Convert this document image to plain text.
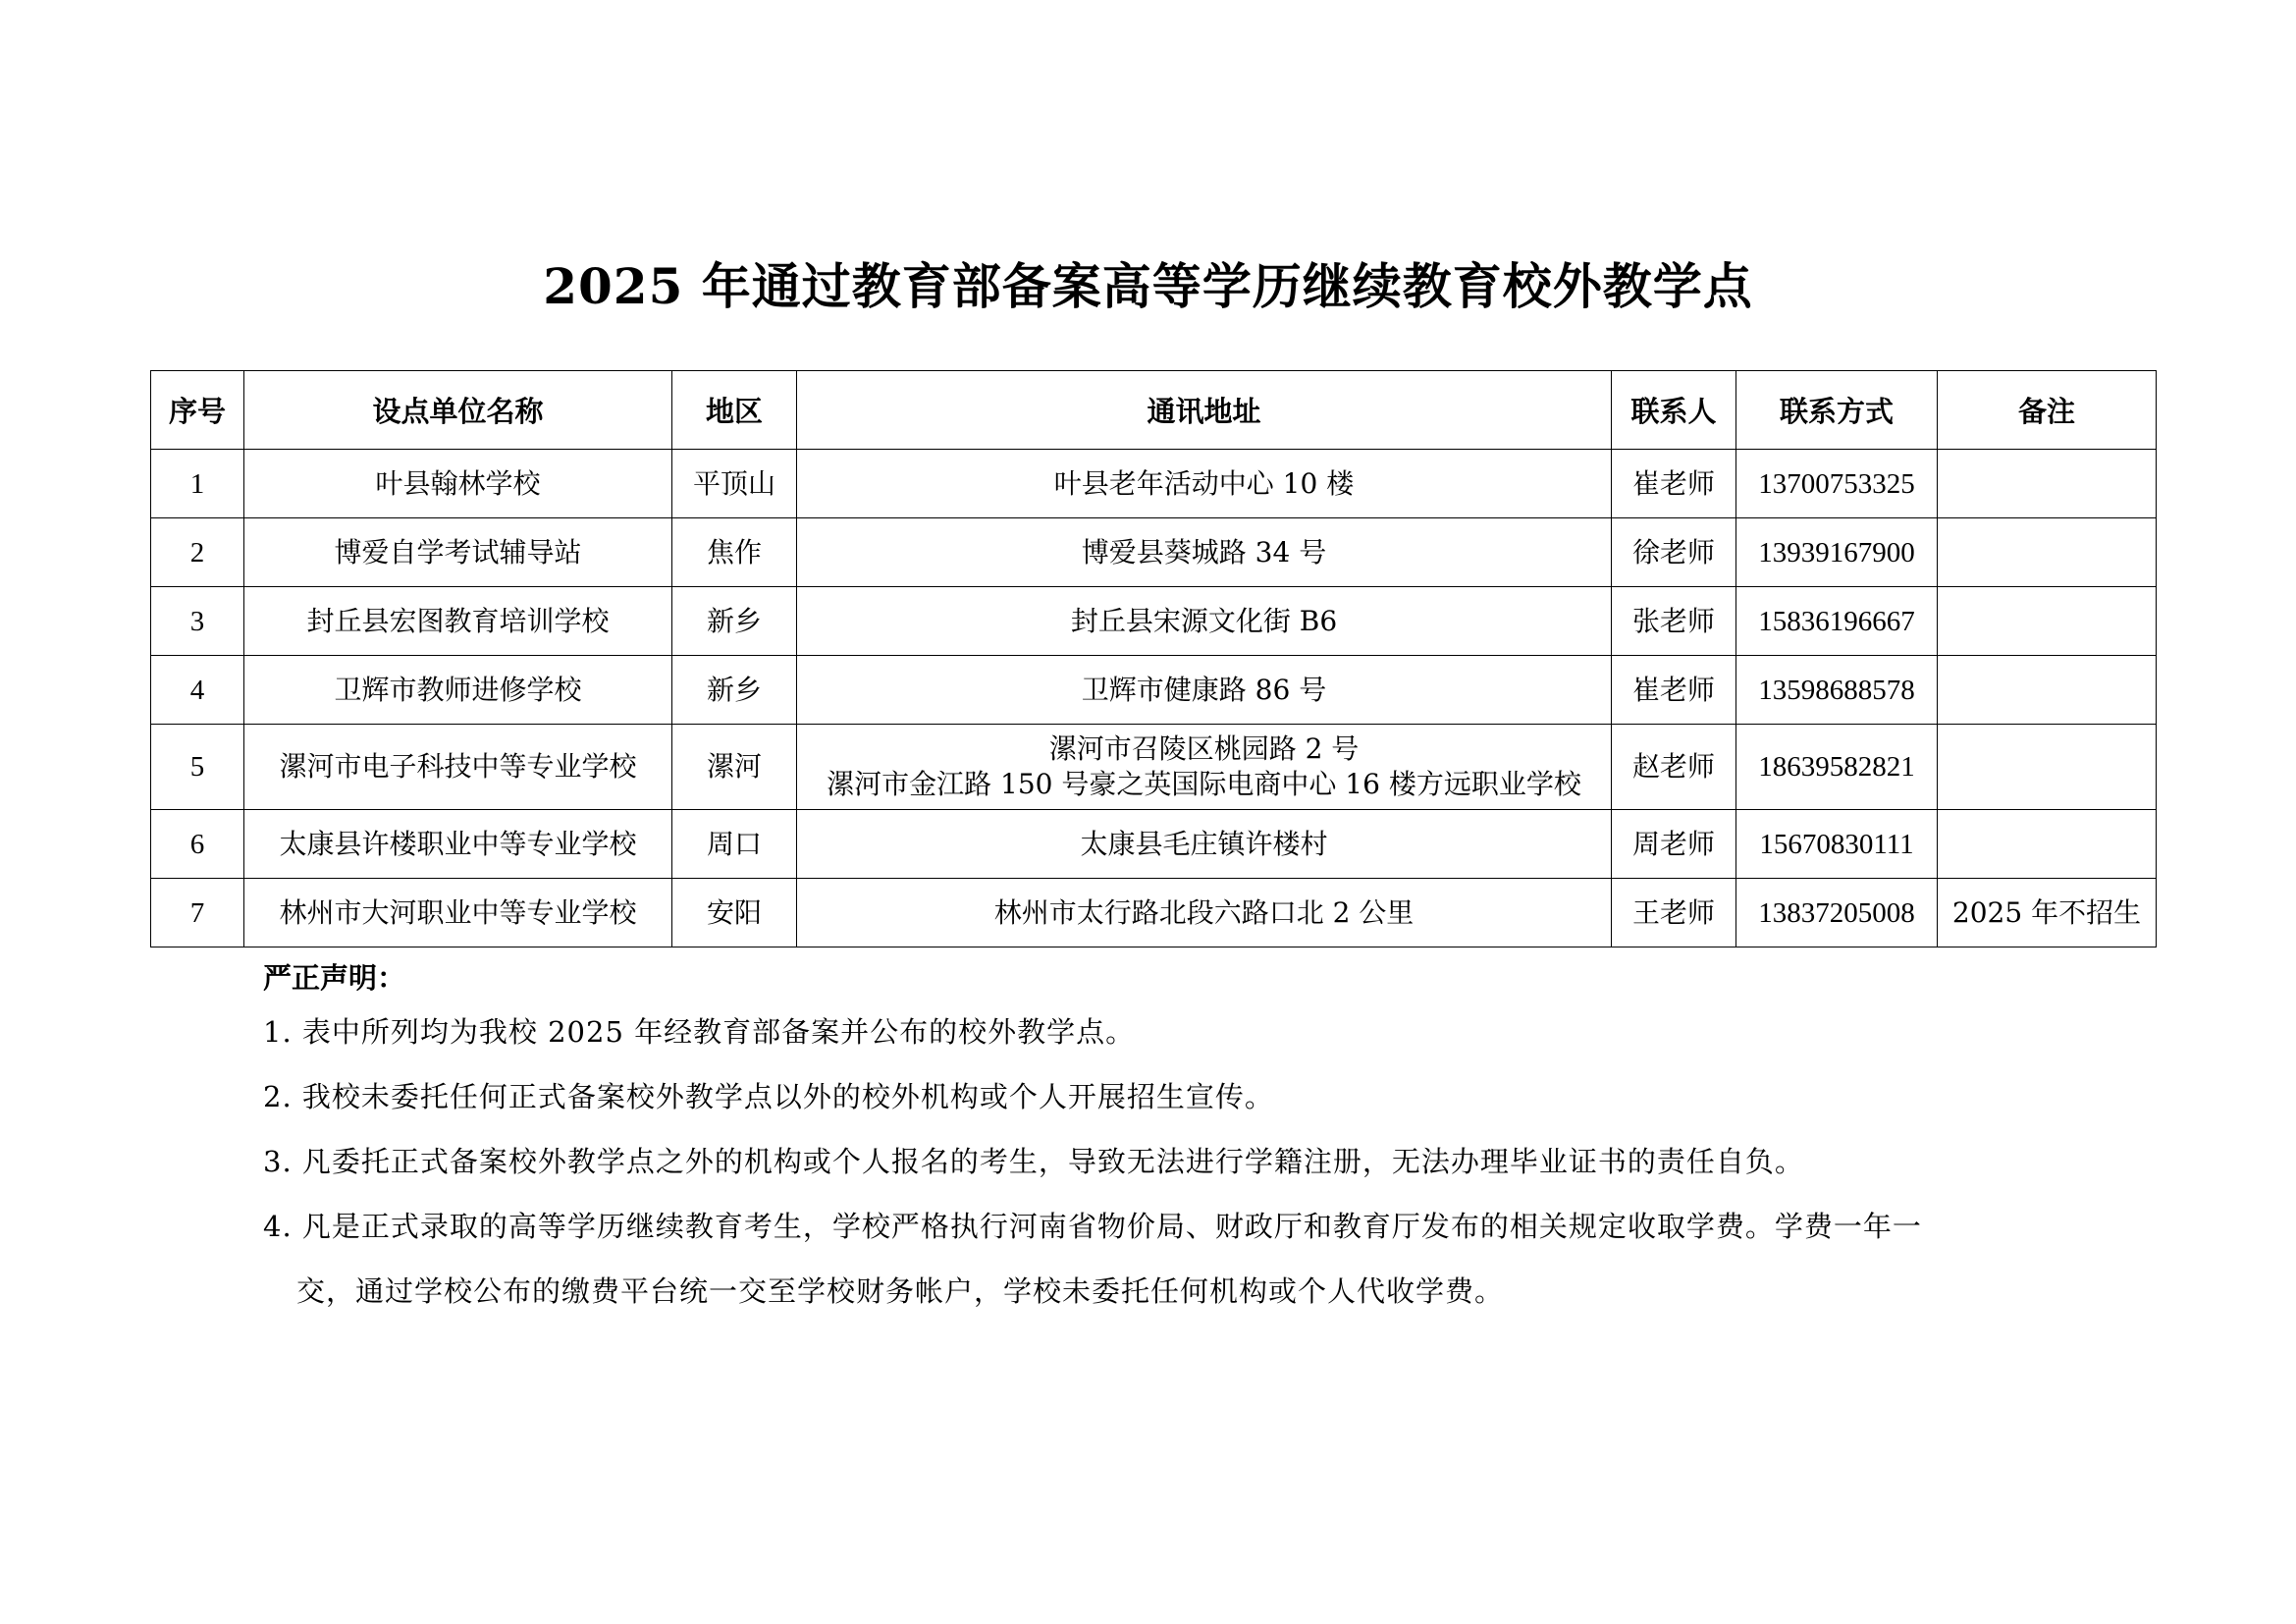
2025 年通过教育部备案高等学历继续教育校外教学点
序号	设点单位名称	地区	通讯地址	联系人	联系方式	备注
1	叶县翰林学校	平顶山	叶县老年活动中心 10 楼	崔老师	13700753325	
2	博爱自学考试辅导站	焦作	博爱县葵城路 34 号	徐老师	13939167900	
3	封丘县宏图教育培训学校	新乡	封丘县宋源文化街 B6	张老师	15836196667	
4	卫辉市教师进修学校	新乡	卫辉市健康路 86 号	崔老师	13598688578	
5	漯河市电子科技中等专业学校	漯河	漯河市召陵区桃园路 2 号
漯河市金江路 150 号豪之英国际电商中心 16 楼方远职业学校	赵老师	18639582821	
6	太康县许楼职业中等专业学校	周口	太康县毛庄镇许楼村	周老师	15670830111	
7	林州市大河职业中等专业学校	安阳	林州市太行路北段六路口北 2 公里	王老师	13837205008	2025 年不招生
严正声明：
1. 表中所列均为我校 2025 年经教育部备案并公布的校外教学点。
2. 我校未委托任何正式备案校外教学点以外的校外机构或个人开展招生宣传。
3. 凡委托正式备案校外教学点之外的机构或个人报名的考生，导致无法进行学籍注册，无法办理毕业证书的责任自负。
4. 凡是正式录取的高等学历继续教育考生，学校严格执行河南省物价局、财政厅和教育厅发布的相关规定收取学费。学费一年一
交，通过学校公布的缴费平台统一交至学校财务帐户，学校未委托任何机构或个人代收学费。
